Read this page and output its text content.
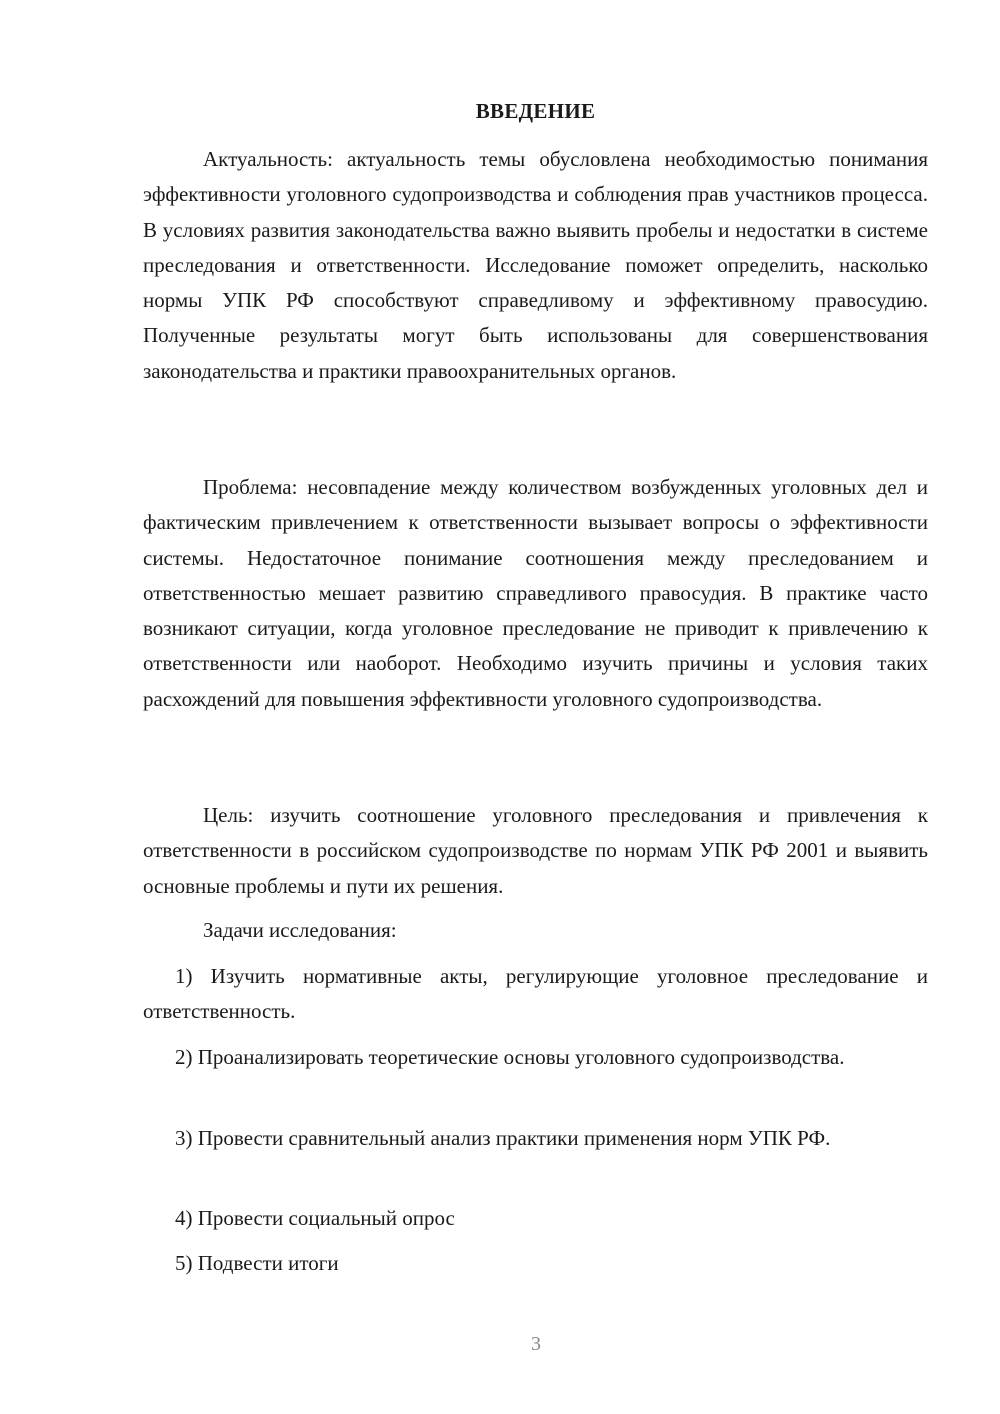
ВВЕДЕНИЕ

Актуальность: актуальность темы обусловлена необходимостью понимания эффективности уголовного судопроизводства и соблюдения прав участников процесса. В условиях развития законодательства важно выявить пробелы и недостатки в системе преследования и ответственности. Исследование поможет определить, насколько нормы УПК РФ способствуют справедливому и эффективному правосудию. Полученные результаты могут быть использованы для совершенствования законодательства и практики правоохранительных органов.

Проблема: несовпадение между количеством возбужденных уголовных дел и фактическим привлечением к ответственности вызывает вопросы о эффективности системы. Недостаточное понимание соотношения между преследованием и ответственностью мешает развитию справедливого правосудия. В практике часто возникают ситуации, когда уголовное преследование не приводит к привлечению к ответственности или наоборот. Необходимо изучить причины и условия таких расхождений для повышения эффективности уголовного судопроизводства.

Цель: изучить соотношение уголовного преследования и привлечения к ответственности в российском судопроизводстве по нормам УПК РФ 2001 и выявить основные проблемы и пути их решения.

Задачи исследования:

1) Изучить нормативные акты, регулирующие уголовное преследование и ответственность.

2) Проанализировать теоретические основы уголовного судопроизводства.

3) Провести сравнительный анализ практики применения норм УПК РФ.

4) Провести социальный опрос

5) Подвести итоги

3
